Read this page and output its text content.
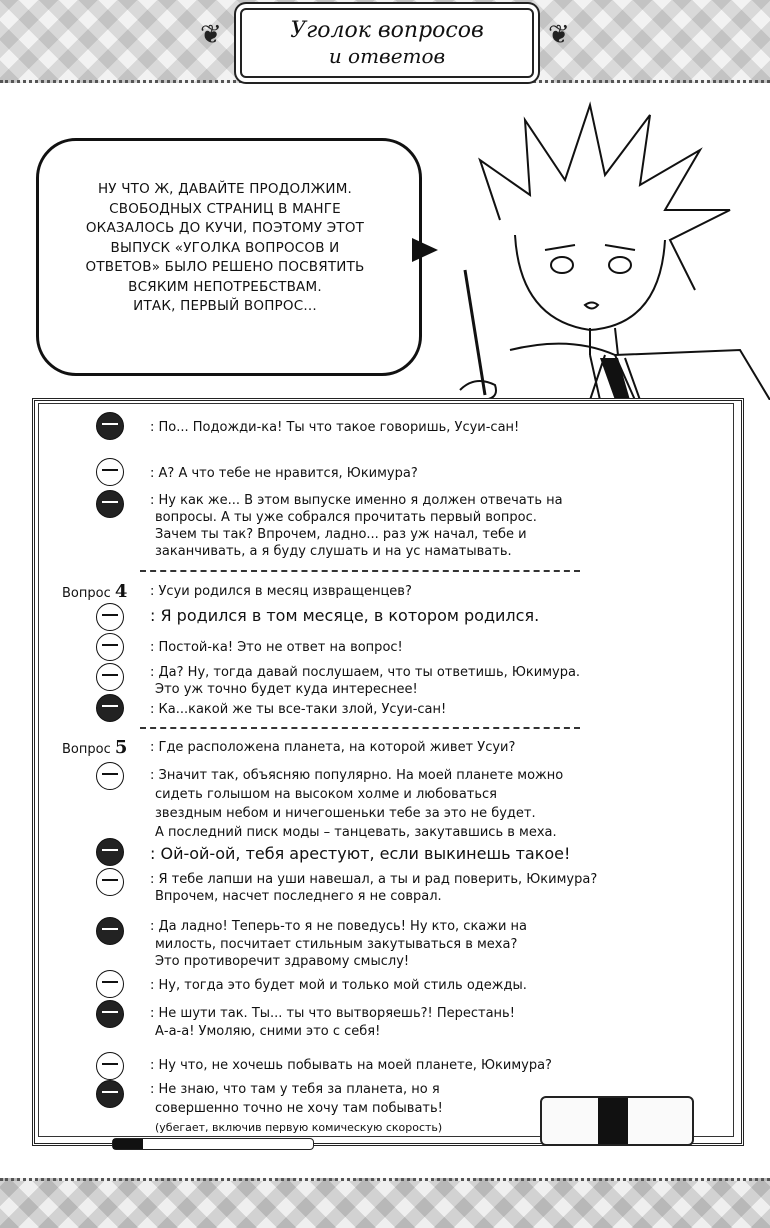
❦	❦
Уголок вопросов
и ответов
НУ ЧТО Ж, ДАВАЙТЕ ПРОДОЛЖИМ.
СВОБОДНЫХ СТРАНИЦ В МАНГЕ
ОКАЗАЛОСЬ ДО КУЧИ, ПОЭТОМУ ЭТОТ
ВЫПУСК «УГОЛКА ВОПРОСОВ И
ОТВЕТОВ» БЫЛО РЕШЕНО ПОСВЯТИТЬ
ВСЯКИМ НЕПОТРЕБСТВАМ.
ИТАК, ПЕРВЫЙ ВОПРОС...
: По... Подожди-ка! Ты что такое говоришь, Усуи-сан!
: А? А что тебе не нравится, Юкимура?
: Ну как же... В этом выпуске именно я должен отвечать на
вопросы. А ты уже собрался прочитать первый вопрос.
Зачем ты так? Впрочем, ладно... раз уж начал, тебе и
заканчивать, а я буду слушать и на ус наматывать.
Вопрос 4 : Усуи родился в месяц извращенцев?
: Я родился в том месяце, в котором родился.
: Постой-ка! Это не ответ на вопрос!
: Да? Ну, тогда давай послушаем, что ты ответишь, Юкимура.
Это уж точно будет куда интереснее!
: Ка...какой же ты все-таки злой, Усуи-сан!
Вопрос 5 : Где расположена планета, на которой живет Усуи?
: Значит так, объясняю популярно. На моей планете можно
сидеть голышом на высоком холме и любоваться
звездным небом и ничегошеньки тебе за это не будет.
А последний писк моды – танцевать, закутавшись в меха.
: Ой-ой-ой, тебя арестуют, если выкинешь такое!
: Я тебе лапши на уши навешал, а ты и рад поверить, Юкимура?
Впрочем, насчет последнего я не соврал.
: Да ладно! Теперь-то я не поведусь! Ну кто, скажи на
милость, посчитает стильным закутываться в меха?
Это противоречит здравому смыслу!
: Ну, тогда это будет мой и только мой стиль одежды.
: Не шути так. Ты... ты что вытворяешь?! Перестань!
А-а-а! Умоляю, сними это с себя!
: Ну что, не хочешь побывать на моей планете, Юкимура?
: Не знаю, что там у тебя за планета, но я
совершенно точно не хочу там побывать!
(убегает, включив первую комическую скорость)
